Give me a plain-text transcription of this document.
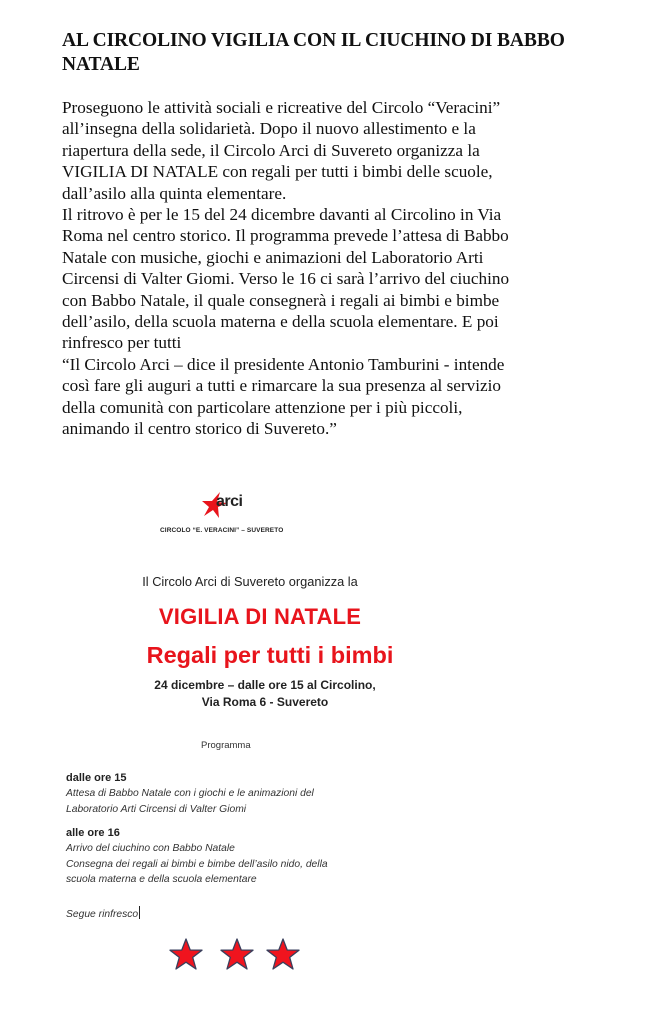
AL CIRCOLINO VIGILIA CON IL CIUCHINO DI BABBO
NATALE
Proseguono le attività sociali e ricreative del Circolo “Veracini”
all’insegna della solidarietà. Dopo il nuovo allestimento e la
riapertura della sede, il Circolo Arci di Suvereto organizza la
VIGILIA DI NATALE con regali per tutti i bimbi delle scuole,
dall’asilo alla quinta elementare.
Il ritrovo è per le 15 del 24 dicembre davanti al Circolino in Via
Roma nel centro storico. Il programma prevede l’attesa di Babbo
Natale con musiche, giochi e animazioni del Laboratorio Arti
Circensi di Valter Giomi. Verso le 16 ci sarà l’arrivo del ciuchino
con Babbo Natale, il quale consegnerà i regali ai bimbi e bimbe
dell’asilo, della scuola materna e della scuola elementare. E poi
rinfresco per tutti
“Il Circolo Arci – dice il presidente Antonio Tamburini - intende
così fare gli auguri a tutti e rimarcare la sua presenza al servizio
della comunità con particolare attenzione per i più piccoli,
animando il centro storico di Suvereto.”
arci
CIRCOLO “E. VERACINI” – SUVERETO
Il Circolo Arci di Suvereto organizza la
VIGILIA DI NATALE
Regali per tutti i bimbi
24 dicembre – dalle ore 15 al Circolino,
Via Roma 6 - Suvereto
Programma
dalle ore 15
Attesa di Babbo Natale con i giochi e le animazioni del
Laboratorio Arti Circensi di Valter Giomi
alle ore 16
Arrivo del ciuchino con Babbo Natale
Consegna dei regali ai bimbi e bimbe dell’asilo nido, della
scuola materna e della scuola elementare
Segue rinfresco
